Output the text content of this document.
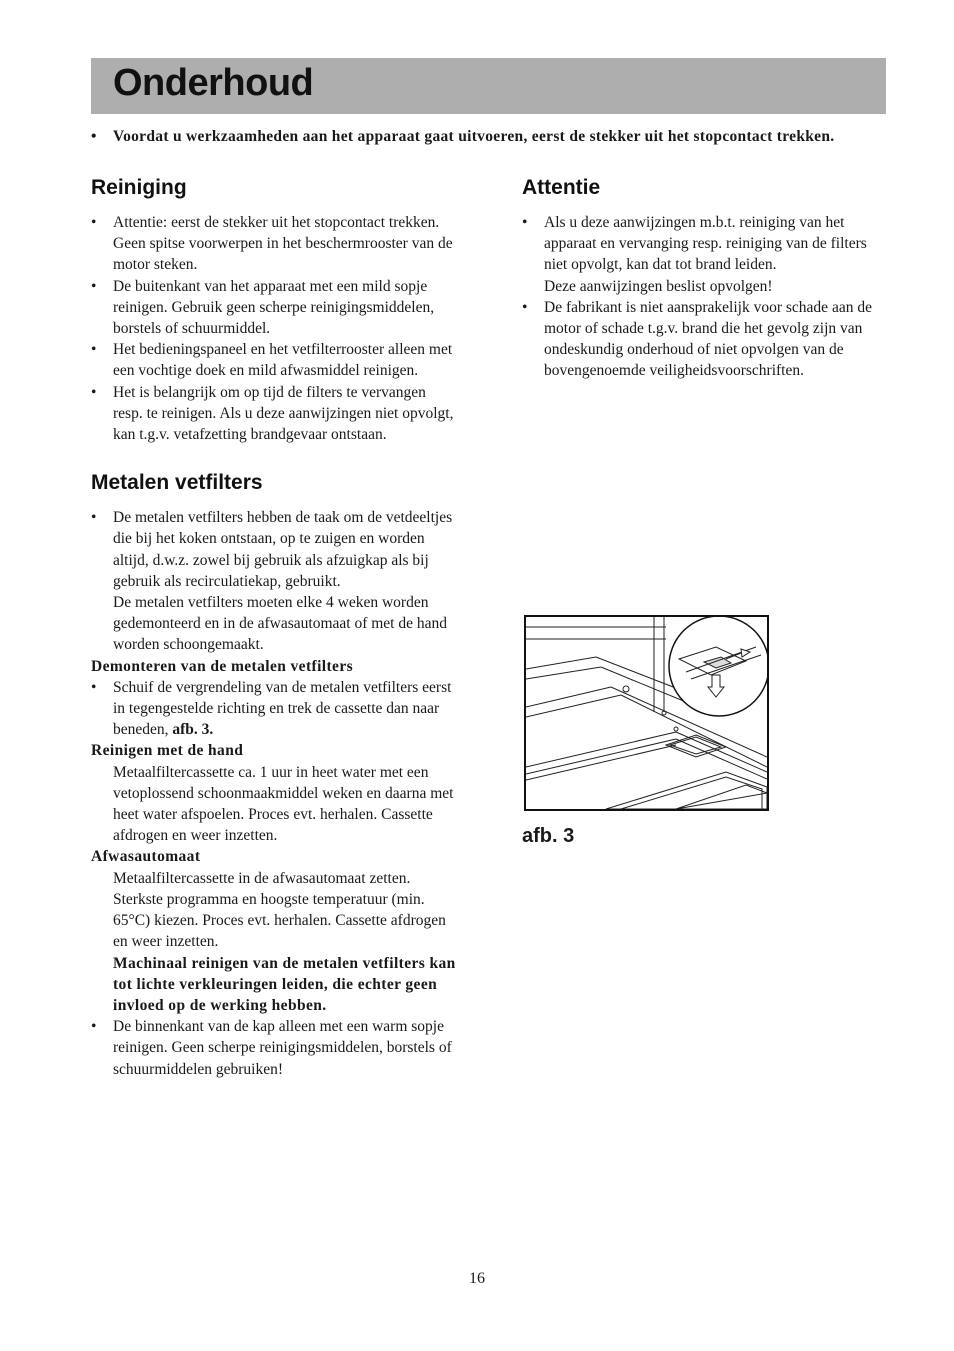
Onderhoud
•	Voordat u werkzaamheden aan het apparaat gaat uitvoeren, eerst de stekker uit het stopcontact trekken.
Reiniging
• Attentie: eerst de stekker uit het stopcontact trekken.
Geen spitse voorwerpen in het beschermrooster van de motor steken.
• De buitenkant van het apparaat met een mild sopje reinigen. Gebruik geen scherpe reinigingsmiddelen, borstels of schuurmiddel.
• Het bedieningspaneel en het vetfilterrooster alleen met een vochtige doek en mild afwasmiddel reinigen.
• Het is belangrijk om op tijd de filters te vervangen resp. te reinigen. Als u deze aanwijzingen niet opvolgt, kan t.g.v. vetafzetting brandgevaar ontstaan.
Metalen vetfilters
• De metalen vetfilters hebben de taak om de vetdeeltjes die bij het koken ontstaan, op te zuigen en worden altijd, d.w.z. zowel bij gebruik als afzuigkap als bij gebruik als recirculatiekap, gebruikt.
De metalen vetfilters moeten elke 4 weken worden gedemonteerd en in de afwasautomaat of met de hand worden schoongemaakt.
Demonteren van de metalen vetfilters
• Schuif de vergrendeling van de metalen vetfilters eerst in tegengestelde richting en trek de cassette dan naar beneden, afb. 3.
Reinigen met de hand
Metaalfiltercassette ca. 1 uur in heet water met een vetoplossend schoonmaakmiddel weken en daarna met heet water afspoelen. Proces evt. herhalen. Cassette afdrogen en weer inzetten.
Afwasautomaat
Metaalfiltercassette in de afwasautomaat zetten. Sterkste programma en hoogste temperatuur (min. 65°C) kiezen. Proces evt. herhalen. Cassette afdrogen en weer inzetten.
Machinaal reinigen van de metalen vetfilters kan tot lichte verkleuringen leiden, die echter geen invloed op de werking hebben.
• De binnenkant van de kap alleen met een warm sopje reinigen. Geen scherpe reinigingsmiddelen, borstels of schuurmiddelen gebruiken!
Attentie
• Als u deze aanwijzingen m.b.t. reiniging van het apparaat en vervanging resp. reiniging van de filters niet opvolgt, kan dat tot brand leiden.
Deze aanwijzingen beslist opvolgen!
• De fabrikant is niet aansprakelijk voor schade aan de motor of schade t.g.v. brand die het gevolg zijn van ondeskundig onderhoud of niet opvolgen van de bovengenoemde veiligheidsvoorschriften.
afb. 3
16
